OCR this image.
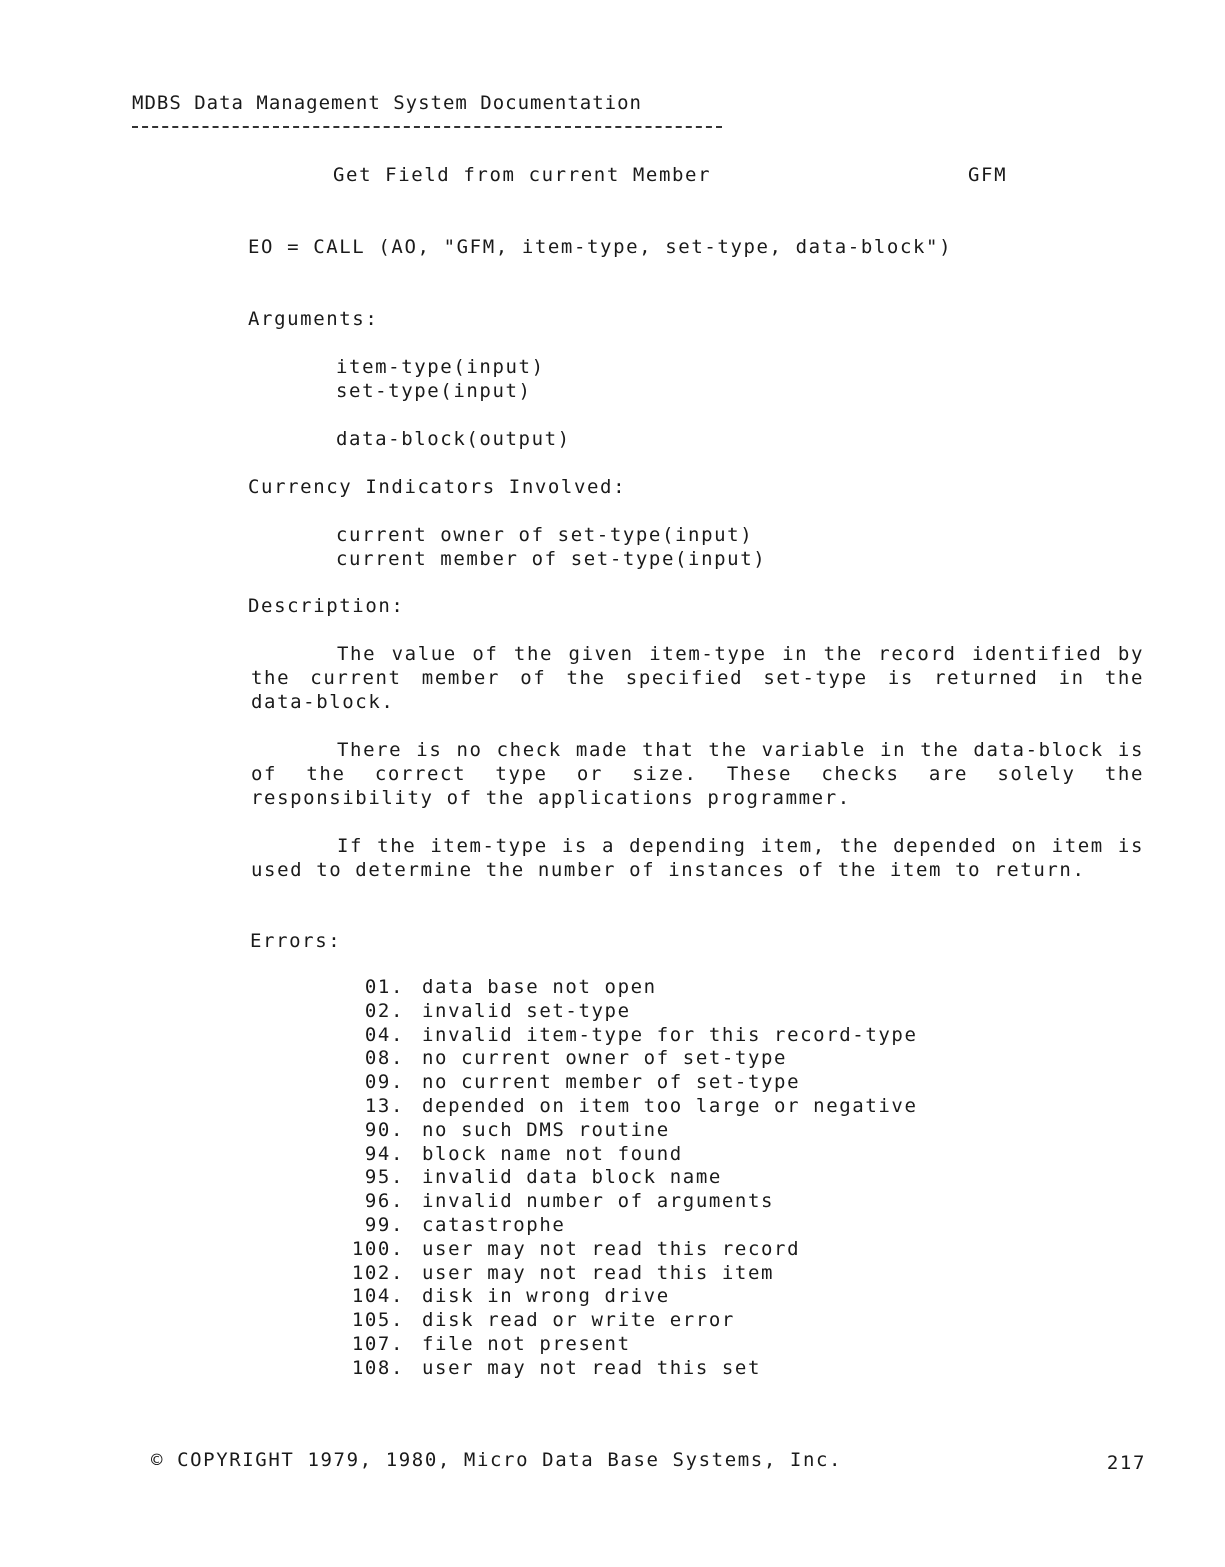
MDBS Data Management System Documentation
Get Field from current Member	GFM
EO = CALL (AO, "GFM, item-type, set-type, data-block")
Arguments:
item-type(input)
set-type(input)
data-block(output)
Currency Indicators Involved:
current owner of set-type(input)
current member of set-type(input)
Description:
The value of the given item-type in the record identified by the current member of the specified set-type is returned in the data-block.
There is no check made that the variable in the data-block is of the correct type or size. These checks are solely the responsibility of the applications programmer.
If the item-type is a depending item, the depended on item is used to determine the number of instances of the item to return.
Errors:
01. data base not open
02. invalid set-type
04. invalid item-type for this record-type
08. no current owner of set-type
09. no current member of set-type
13. depended on item too large or negative
90. no such DMS routine
94. block name not found
95. invalid data block name
96. invalid number of arguments
99. catastrophe
100. user may not read this record
102. user may not read this item
104. disk in wrong drive
105. disk read or write error
107. file not present
108. user may not read this set
© COPYRIGHT 1979, 1980, Micro Data Base Systems, Inc.	217
